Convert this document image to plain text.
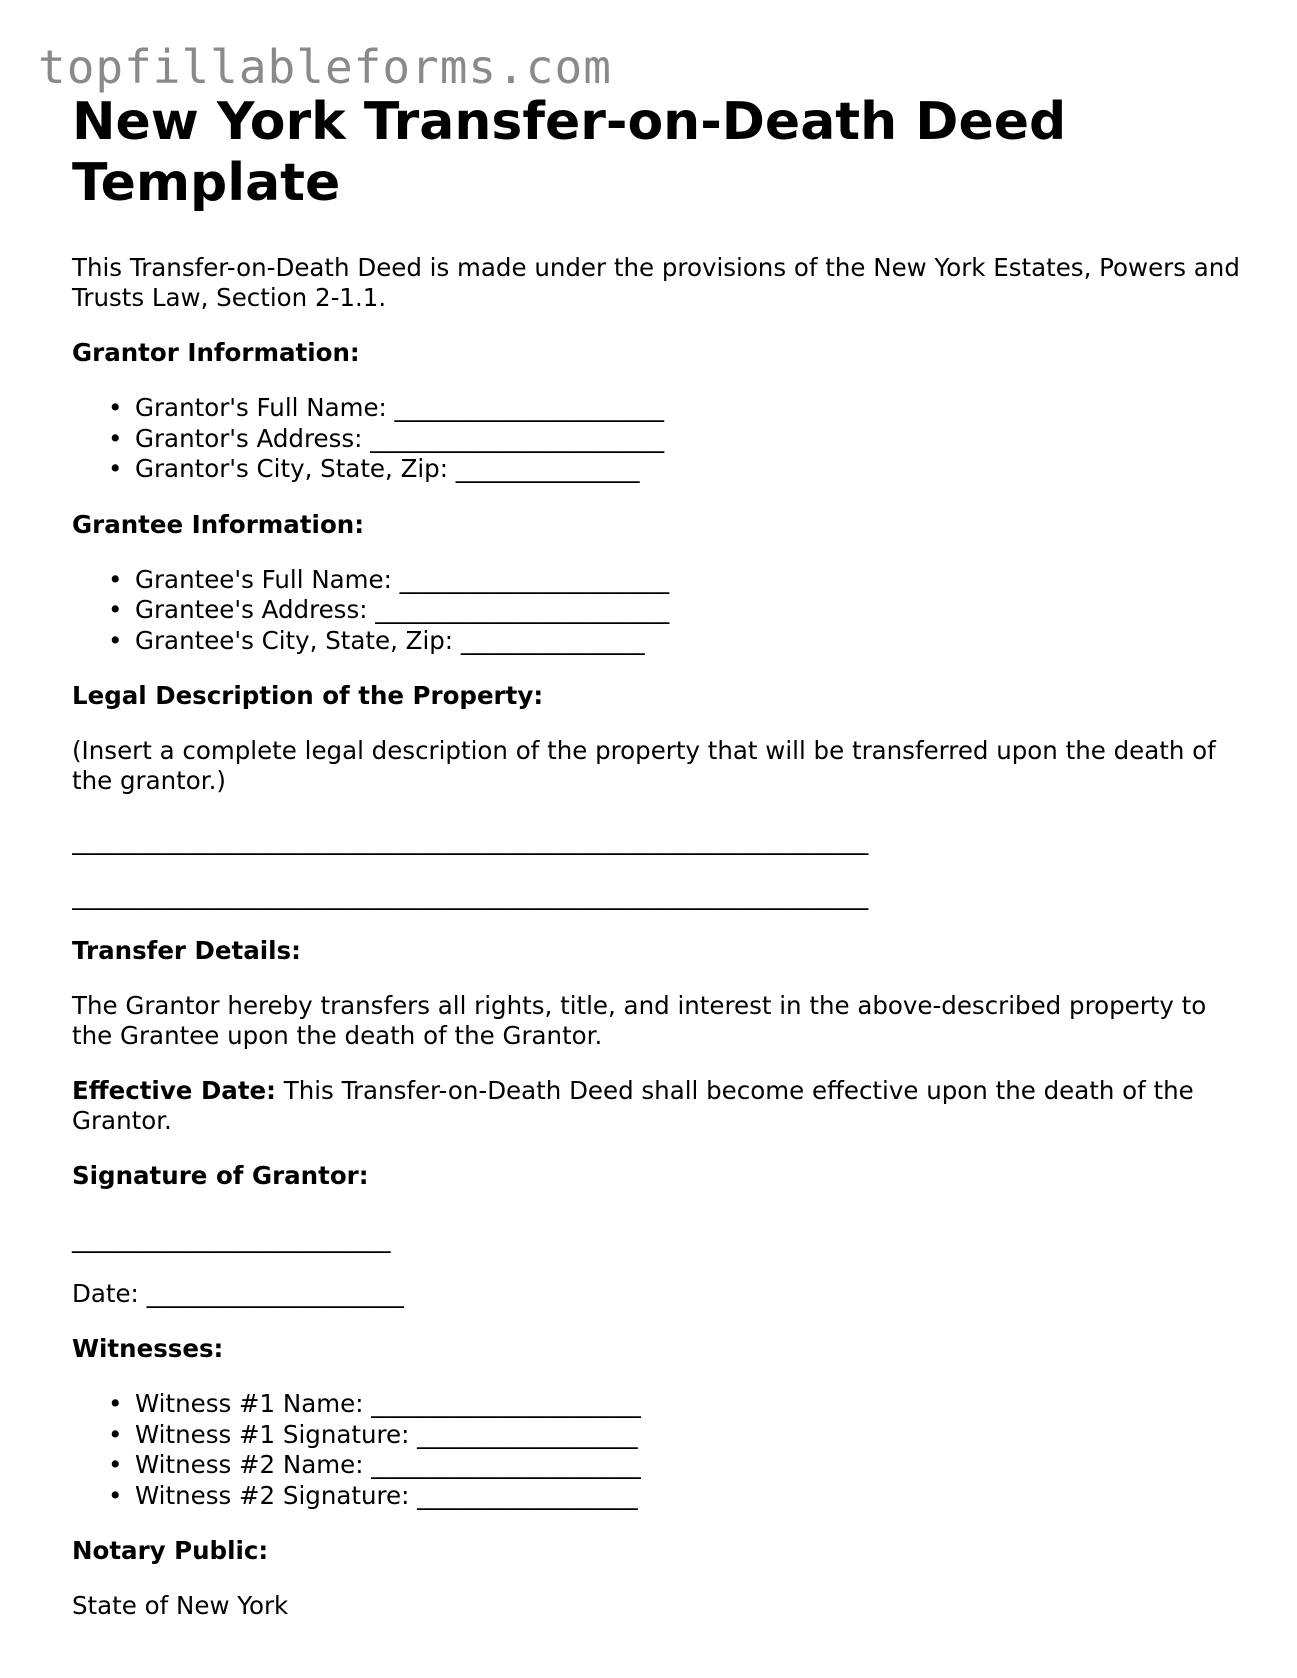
topfillableforms.com
New York Transfer-on-Death Deed
Template

This Transfer-on-Death Deed is made under the provisions of the New York Estates, Powers and Trusts Law, Section 2-1.1.

Grantor Information:
• Grantor's Full Name: ______________________
• Grantor's Address: ________________________
• Grantor's City, State, Zip: _______________
Grantee Information:
• Grantee's Full Name: ______________________
• Grantee's Address: ________________________
• Grantee's City, State, Zip: _______________
Legal Description of the Property:

(Insert a complete legal description of the property that will be transferred upon the death of the grantor.)

_________________________________________________________________
_________________________________________________________________
Transfer Details:

The Grantor hereby transfers all rights, title, and interest in the above-described property to the Grantee upon the death of the Grantor.

Effective Date: This Transfer-on-Death Deed shall become effective upon the death of the Grantor.

Signature of Grantor:
__________________________
Date: _____________________
Witnesses:
• Witness #1 Name: ______________________
• Witness #1 Signature: __________________
• Witness #2 Name: ______________________
• Witness #2 Signature: __________________
Notary Public:

State of New York
